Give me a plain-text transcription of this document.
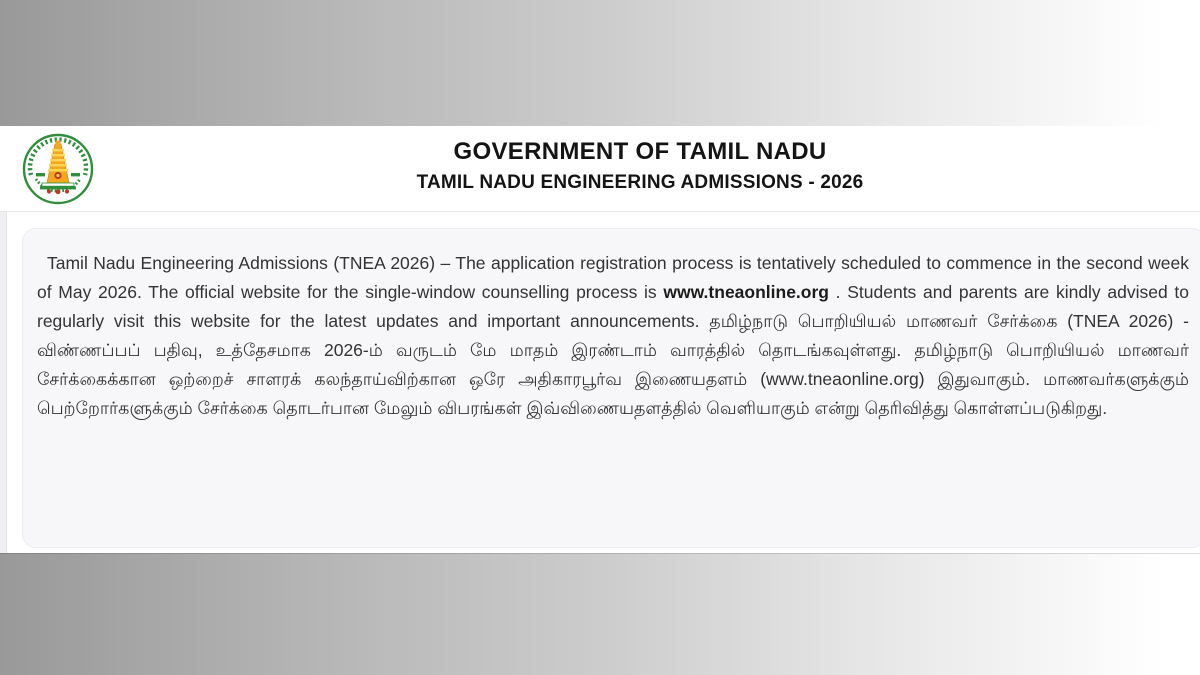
GOVERNMENT OF TAMIL NADU
TAMIL NADU ENGINEERING ADMISSIONS - 2026

Tamil Nadu Engineering Admissions (TNEA 2026) – The application registration process is tentatively scheduled to commence in the second week of May 2026. The official website for the single-window counselling process is www.tneaonline.org . Students and parents are kindly advised to regularly visit this website for the latest updates and important announcements. தமிழ்நாடு பொறியியல் மாணவர் சேர்க்கை (TNEA 2026) - விண்ணப்பப் பதிவு, உத்தேசமாக 2026-ம் வருடம் மே மாதம் இரண்டாம் வாரத்தில் தொடங்கவுள்ளது. தமிழ்நாடு பொறியியல் மாணவர் சேர்க்கைக்கான ஒற்றைச் சாளரக் கலந்தாய்விற்கான ஒரே அதிகாரபூர்வ இணையதளம் (www.tneaonline.org) இதுவாகும். மாணவர்களுக்கும் பெற்றோர்களுக்கும் சேர்க்கை தொடர்பான மேலும் விபரங்கள் இவ்விணையதளத்தில் வெளியாகும் என்று தெரிவித்து கொள்ளப்படுகிறது.
